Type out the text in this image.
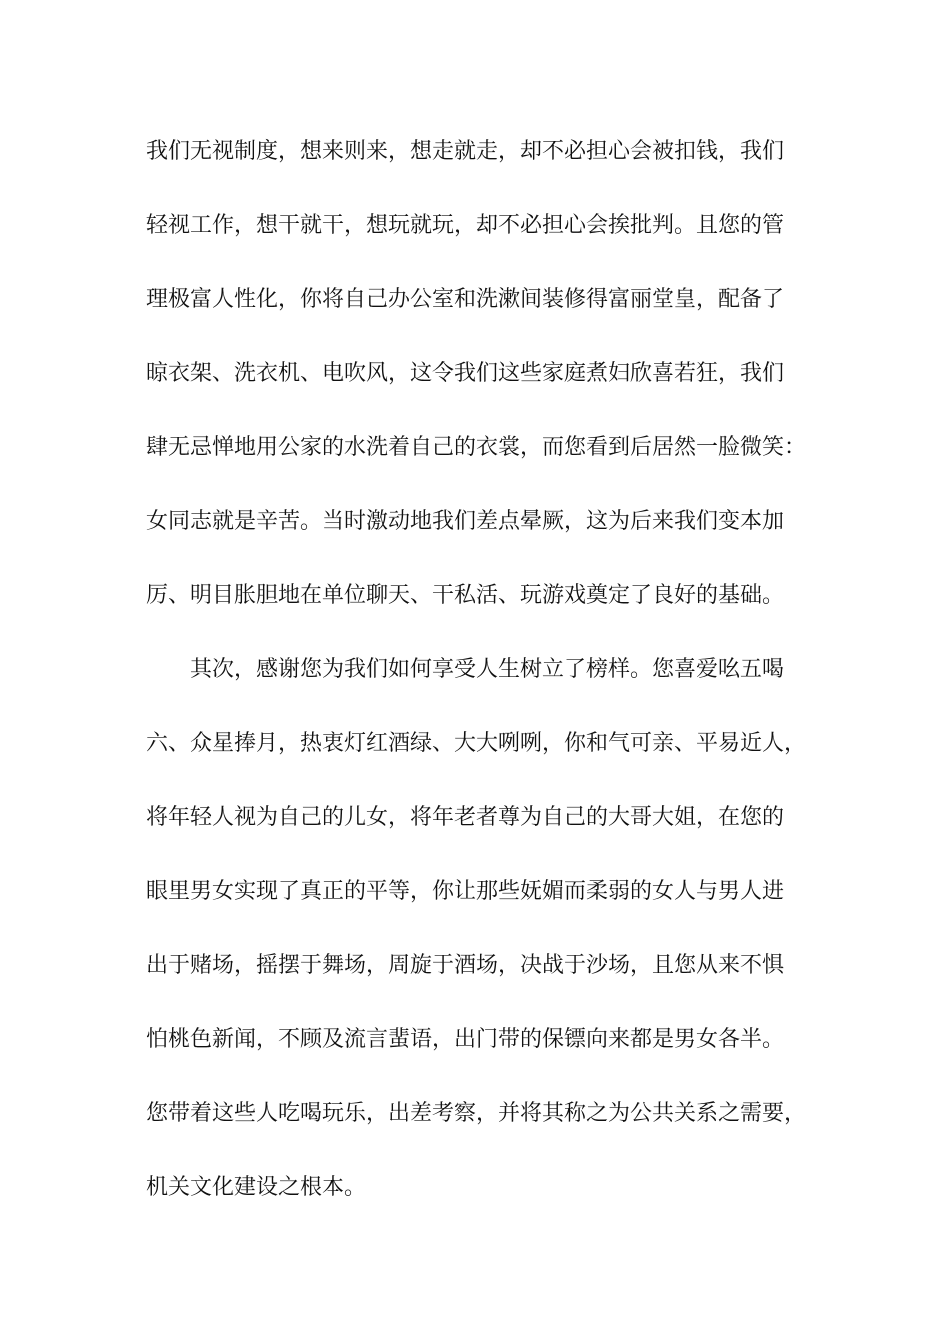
我们无视制度，想来则来，想走就走，却不必担心会被扣钱，我们
轻视工作，想干就干，想玩就玩，却不必担心会挨批判。且您的管
理极富人性化，你将自己办公室和洗漱间装修得富丽堂皇，配备了
晾衣架、洗衣机、电吹风，这令我们这些家庭煮妇欣喜若狂，我们
肆无忌惮地用公家的水洗着自己的衣裳，而您看到后居然一脸微笑：
女同志就是辛苦。当时激动地我们差点晕厥，这为后来我们变本加
厉、明目胀胆地在单位聊天、干私活、玩游戏奠定了良好的基础。
其次，感谢您为我们如何享受人生树立了榜样。您喜爱吆五喝
六、众星捧月，热衷灯红酒绿、大大咧咧，你和气可亲、平易近人，
将年轻人视为自己的儿女，将年老者尊为自己的大哥大姐，在您的
眼里男女实现了真正的平等，你让那些妩媚而柔弱的女人与男人进
出于赌场，摇摆于舞场，周旋于酒场，决战于沙场，且您从来不惧
怕桃色新闻，不顾及流言蜚语，出门带的保镖向来都是男女各半。
您带着这些人吃喝玩乐，出差考察，并将其称之为公共关系之需要，
机关文化建设之根本。
